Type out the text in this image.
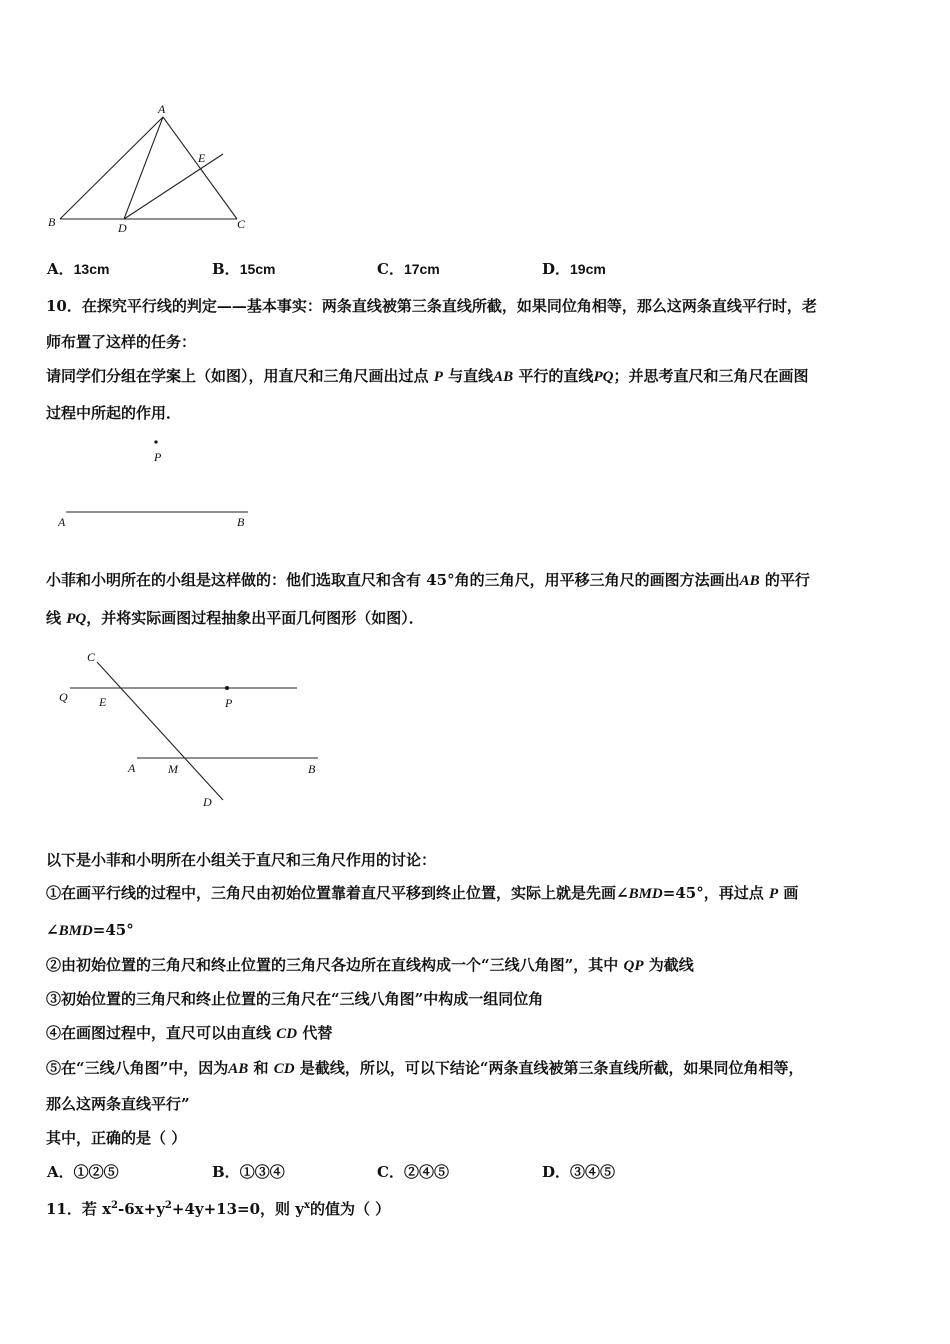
A
B	C
D
E
A．13cm	B．15cm	C．17cm	D．19cm
10．在探究平行线的判定——基本事实：两条直线被第三条直线所截，如果同位角相等，那么这两条直线平行时，老
师布置了这样的任务：
请同学们分组在学案上（如图），用直尺和三角尺画出过点 P 与直线AB 平行的直线PQ；并思考直尺和三角尺在画图
过程中所起的作用．
P
A	B
小菲和小明所在的小组是这样做的：他们选取直尺和含有 45°角的三角尺，用平移三角尺的画图方法画出AB 的平行
线 PQ，并将实际画图过程抽象出平面几何图形（如图）．
C
Q	E	P
A	M	B
D
以下是小菲和小明所在小组关于直尺和三角尺作用的讨论：
①在画平行线的过程中，三角尺由初始位置靠着直尺平移到终止位置，实际上就是先画∠BMD=45°，再过点 P 画
∠BMD=45°
②由初始位置的三角尺和终止位置的三角尺各边所在直线构成一个“三线八角图”，其中 QP 为截线
③初始位置的三角尺和终止位置的三角尺在“三线八角图”中构成一组同位角
④在画图过程中，直尺可以由直线 CD 代替
⑤在“三线八角图”中，因为AB 和 CD 是截线，所以，可以下结论“两条直线被第三条直线所截，如果同位角相等，
那么这两条直线平行”
其中，正确的是（ ）
A．①②⑤	B．①③④	C．②④⑤	D．③④⑤
11．若 $x^2-6x+y^2+4y+13=0$，则 $y^x$的值为（ ）
